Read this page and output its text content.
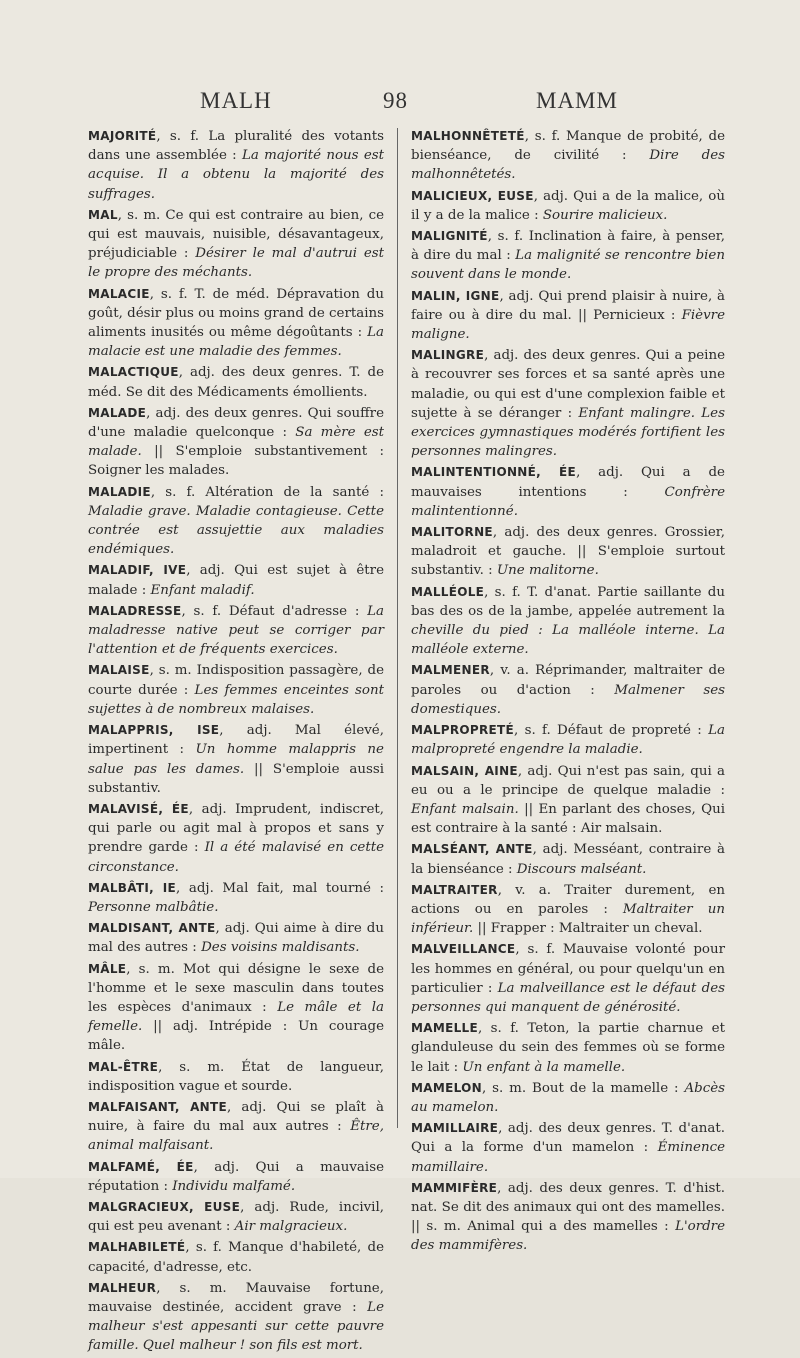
MALH	98	MAMM

MAJORITÉ, s. f. La pluralité des votants dans une assemblée : La majorité nous est acquise. Il a obtenu la majorité des suffrages.

MAL, s. m. Ce qui est contraire au bien, ce qui est mauvais, nuisible, désavantageux, préjudiciable : Désirer le mal d'autrui est le propre des méchants.

MALACIE, s. f. T. de méd. Dépravation du goût, désir plus ou moins grand de certains aliments inusités ou même dégoûtants : La malacie est une maladie des femmes.

MALACTIQUE, adj. des deux genres. T. de méd. Se dit des Médicaments émollients.

MALADE, adj. des deux genres. Qui souffre d'une maladie quelconque : Sa mère est malade. || S'emploie substantivement : Soigner les malades.

MALADIE, s. f. Altération de la santé : Maladie grave. Maladie contagieuse. Cette contrée est assujettie aux maladies endémiques.

MALADIF, IVE, adj. Qui est sujet à être malade : Enfant maladif.

MALADRESSE, s. f. Défaut d'adresse : La maladresse native peut se corriger par l'attention et de fréquents exercices.

MALAISE, s. m. Indisposition passagère, de courte durée : Les femmes enceintes sont sujettes à de nombreux malaises.

MALAPPRIS, ISE, adj. Mal élevé, impertinent : Un homme malappris ne salue pas les dames. || S'emploie aussi substantiv.

MALAVISÉ, ÉE, adj. Imprudent, indiscret, qui parle ou agit mal à propos et sans y prendre garde : Il a été malavisé en cette circonstance.

MALBÂTI, IE, adj. Mal fait, mal tourné : Personne malbâtie.

MALDISANT, ANTE, adj. Qui aime à dire du mal des autres : Des voisins maldisants.

MÂLE, s. m. Mot qui désigne le sexe de l'homme et le sexe masculin dans toutes les espèces d'animaux : Le mâle et la femelle. || adj. Intrépide : Un courage mâle.

MAL-ÊTRE, s. m. État de langueur, indisposition vague et sourde.

MALFAISANT, ANTE, adj. Qui se plaît à nuire, à faire du mal aux autres : Être, animal malfaisant.

MALFAMÉ, ÉE, adj. Qui a mauvaise réputation : Individu malfamé.

MALGRACIEUX, EUSE, adj. Rude, incivil, qui est peu avenant : Air malgracieux.

MALHABILETÉ, s. f. Manque d'habileté, de capacité, d'adresse, etc.

MALHEUR, s. m. Mauvaise fortune, mauvaise destinée, accident grave : Le malheur s'est appesanti sur cette pauvre famille. Quel malheur ! son fils est mort.

MALHONNÊTETÉ, s. f. Manque de probité, de bienséance, de civilité : Dire des malhonnêtetés.

MALICIEUX, EUSE, adj. Qui a de la malice, où il y a de la malice : Sourire malicieux.

MALIGNITÉ, s. f. Inclination à faire, à penser, à dire du mal : La malignité se rencontre bien souvent dans le monde.

MALIN, IGNE, adj. Qui prend plaisir à nuire, à faire ou à dire du mal. || Pernicieux : Fièvre maligne.

MALINGRE, adj. des deux genres. Qui a peine à recouvrer ses forces et sa santé après une maladie, ou qui est d'une complexion faible et sujette à se déranger : Enfant malingre. Les exercices gymnastiques modérés fortifient les personnes malingres.

MALINTENTIONNÉ, ÉE, adj. Qui a de mauvaises intentions : Confrère malintentionné.

MALITORNE, adj. des deux genres. Grossier, maladroit et gauche. || S'emploie surtout substantiv. : Une malitorne.

MALLÉOLE, s. f. T. d'anat. Partie saillante du bas des os de la jambe, appelée autrement la cheville du pied : La malléole interne. La malléole externe.

MALMENER, v. a. Réprimander, maltraiter de paroles ou d'action : Malmener ses domestiques.

MALPROPRETÉ, s. f. Défaut de propreté : La malpropreté engendre la maladie.

MALSAIN, AINE, adj. Qui n'est pas sain, qui a eu ou a le principe de quelque maladie : Enfant malsain. || En parlant des choses, Qui est contraire à la santé : Air malsain.

MALSÉANT, ANTE, adj. Messéant, contraire à la bienséance : Discours malséant.

MALTRAITER, v. a. Traiter durement, en actions ou en paroles : Maltraiter un inférieur. || Frapper : Maltraiter un cheval.

MALVEILLANCE, s. f. Mauvaise volonté pour les hommes en général, ou pour quelqu'un en particulier : La malveillance est le défaut des personnes qui manquent de générosité.

MAMELLE, s. f. Teton, la partie charnue et glanduleuse du sein des femmes où se forme le lait : Un enfant à la mamelle.

MAMELON, s. m. Bout de la mamelle : Abcès au mamelon.

MAMILLAIRE, adj. des deux genres. T. d'anat. Qui a la forme d'un mamelon : Éminence mamillaire.

MAMMIFÈRE, adj. des deux genres. T. d'hist. nat. Se dit des animaux qui ont des mamelles. || s. m. Animal qui a des mamelles : L'ordre des mammifères.
